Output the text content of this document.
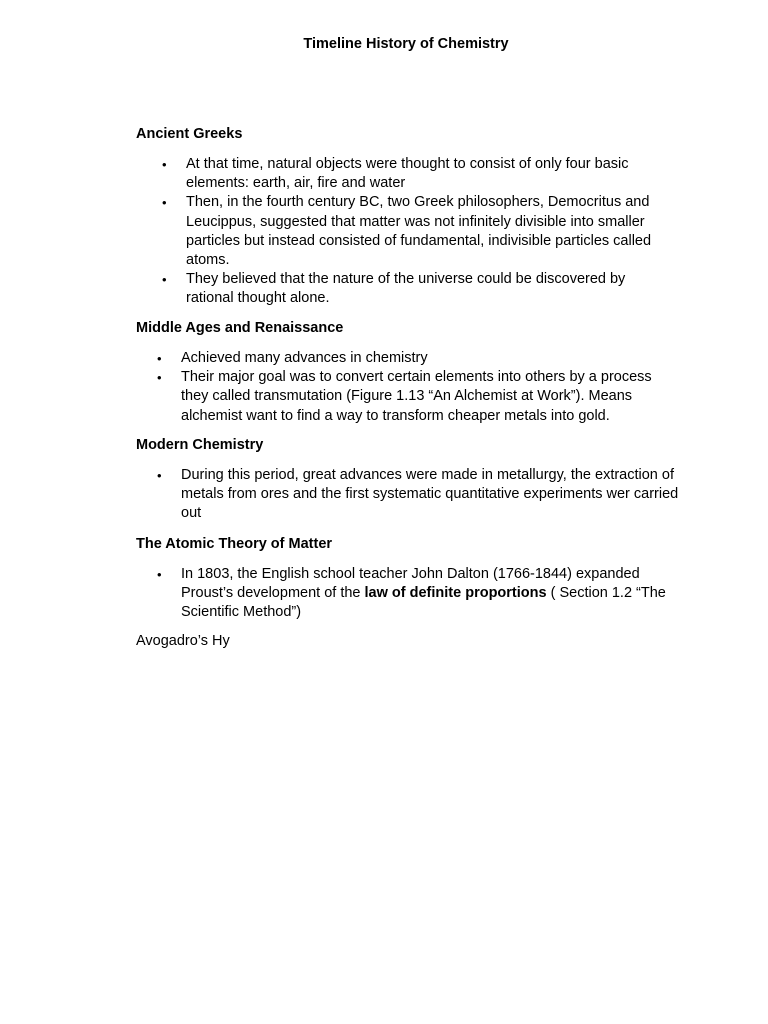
Timeline History of Chemistry
Ancient Greeks
• At that time, natural objects were thought to consist of only four basic elements: earth, air, fire and water
• Then, in the fourth century BC, two Greek philosophers, Democritus and Leucippus, suggested that matter was not infinitely divisible into smaller particles but instead consisted of fundamental, indivisible particles called atoms.
• They believed that the nature of the universe could be discovered by rational thought alone.
Middle Ages and Renaissance
• Achieved many advances in chemistry
• Their major goal was to convert certain elements into others by a process they called transmutation (Figure 1.13 “An Alchemist at Work”). Means alchemist want to find a way to transform cheaper metals into gold.
Modern Chemistry
• During this period, great advances were made in metallurgy, the extraction of metals from ores and the first systematic quantitative experiments wer carried out
The Atomic Theory of Matter
• In 1803, the English school teacher John Dalton (1766-1844) expanded Proust’s development of the law of definite proportions ( Section 1.2 “The Scientific Method”)

Avogadro’s Hy
